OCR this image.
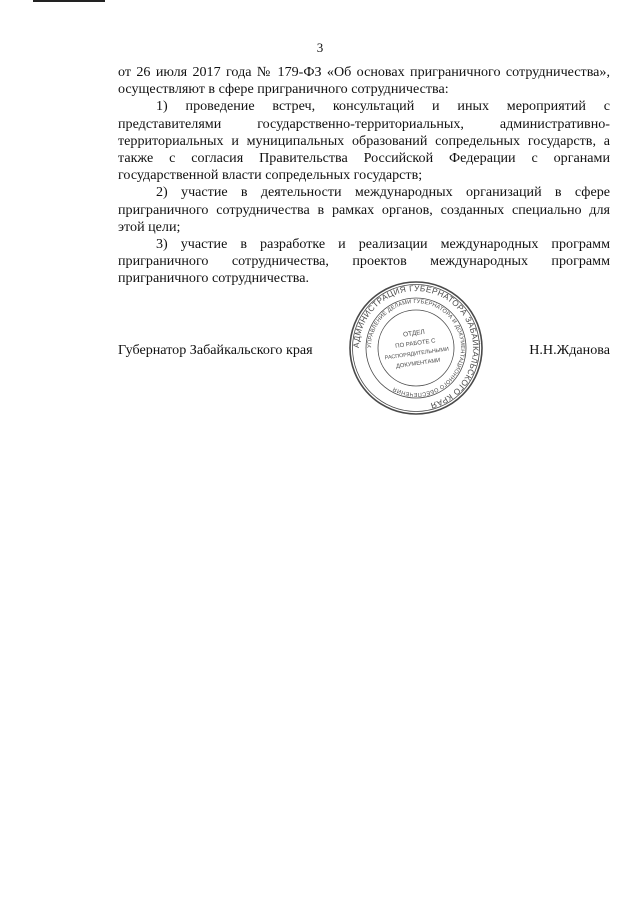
3

от 26 июля 2017 года № 179-ФЗ «Об основах приграничного сотрудничества», осуществляют в сфере приграничного сотрудничества:

1) проведение встреч, консультаций и иных мероприятий с представителями государственно-территориальных, административно-территориальных и муниципальных образований сопредельных государств, а также с согласия Правительства Российской Федерации с органами государственной власти сопредельных государств;

2) участие в деятельности международных организаций в сфере приграничного сотрудничества в рамках органов, созданных специально для этой цели;

3) участие в разработке и реализации международных программ приграничного сотрудничества, проектов международных программ приграничного сотрудничества.

Губернатор Забайкальского края	Н.Н.Жданова
АДМИНИСТРАЦИЯ ГУБЕРНАТОРА ЗАБАЙКАЛЬСКОГО КРАЯ
УПРАВЛЕНИЕ ДЕЛАМИ ГУБЕРНАТОРА И ДОКУМЕНТАЦИОННОГО ОБЕСПЕЧЕНИЯ
ОТДЕЛ
ПО РАБОТЕ С
РАСПОРЯДИТЕЛЬНЫМИ
ДОКУМЕНТАМИ
